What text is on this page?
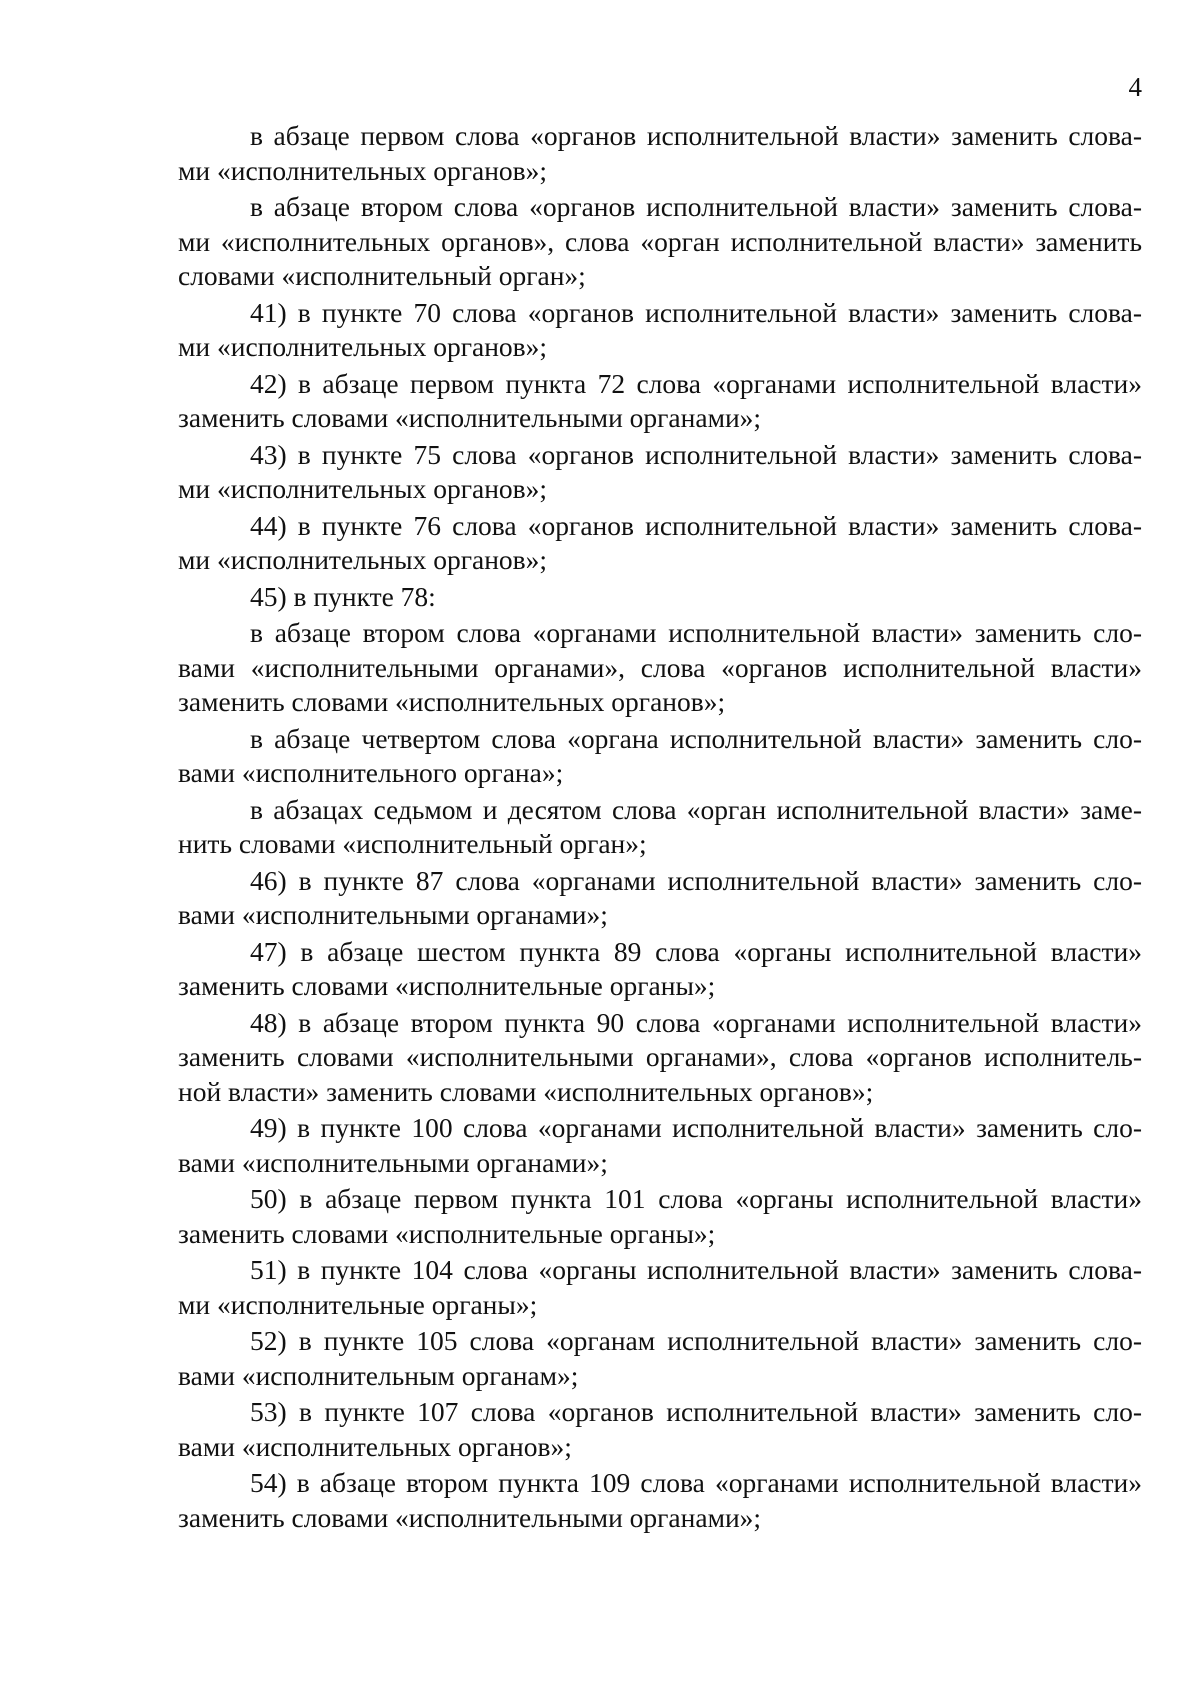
4
в абзаце первом слова «органов исполнительной власти» заменить слова-
ми «исполнительных органов»;
в абзаце втором слова «органов исполнительной власти» заменить слова-
ми «исполнительных органов», слова «орган исполнительной власти» заменить
словами «исполнительный орган»;
41) в пункте 70 слова «органов исполнительной власти» заменить слова-
ми «исполнительных органов»;
42) в абзаце первом пункта 72 слова «органами исполнительной власти»
заменить словами «исполнительными органами»;
43) в пункте 75 слова «органов исполнительной власти» заменить слова-
ми «исполнительных органов»;
44) в пункте 76 слова «органов исполнительной власти» заменить слова-
ми «исполнительных органов»;
45) в пункте 78:
в абзаце втором слова «органами исполнительной власти» заменить сло-
вами «исполнительными органами», слова «органов исполнительной власти»
заменить словами «исполнительных органов»;
в абзаце четвертом слова «органа исполнительной власти» заменить сло-
вами «исполнительного органа»;
в абзацах седьмом и десятом слова «орган исполнительной власти» заме-
нить словами «исполнительный орган»;
46) в пункте 87 слова «органами исполнительной власти» заменить сло-
вами «исполнительными органами»;
47) в абзаце шестом пункта 89 слова «органы исполнительной власти»
заменить словами «исполнительные органы»;
48) в абзаце втором пункта 90 слова «органами исполнительной власти»
заменить словами «исполнительными органами», слова «органов исполнитель-
ной власти» заменить словами «исполнительных органов»;
49) в пункте 100 слова «органами исполнительной власти» заменить сло-
вами «исполнительными органами»;
50) в абзаце первом пункта 101 слова «органы исполнительной власти»
заменить словами «исполнительные органы»;
51) в пункте 104 слова «органы исполнительной власти» заменить слова-
ми «исполнительные органы»;
52) в пункте 105 слова «органам исполнительной власти» заменить сло-
вами «исполнительным органам»;
53) в пункте 107 слова «органов исполнительной власти» заменить сло-
вами «исполнительных органов»;
54) в абзаце втором пункта 109 слова «органами исполнительной власти»
заменить словами «исполнительными органами»;
